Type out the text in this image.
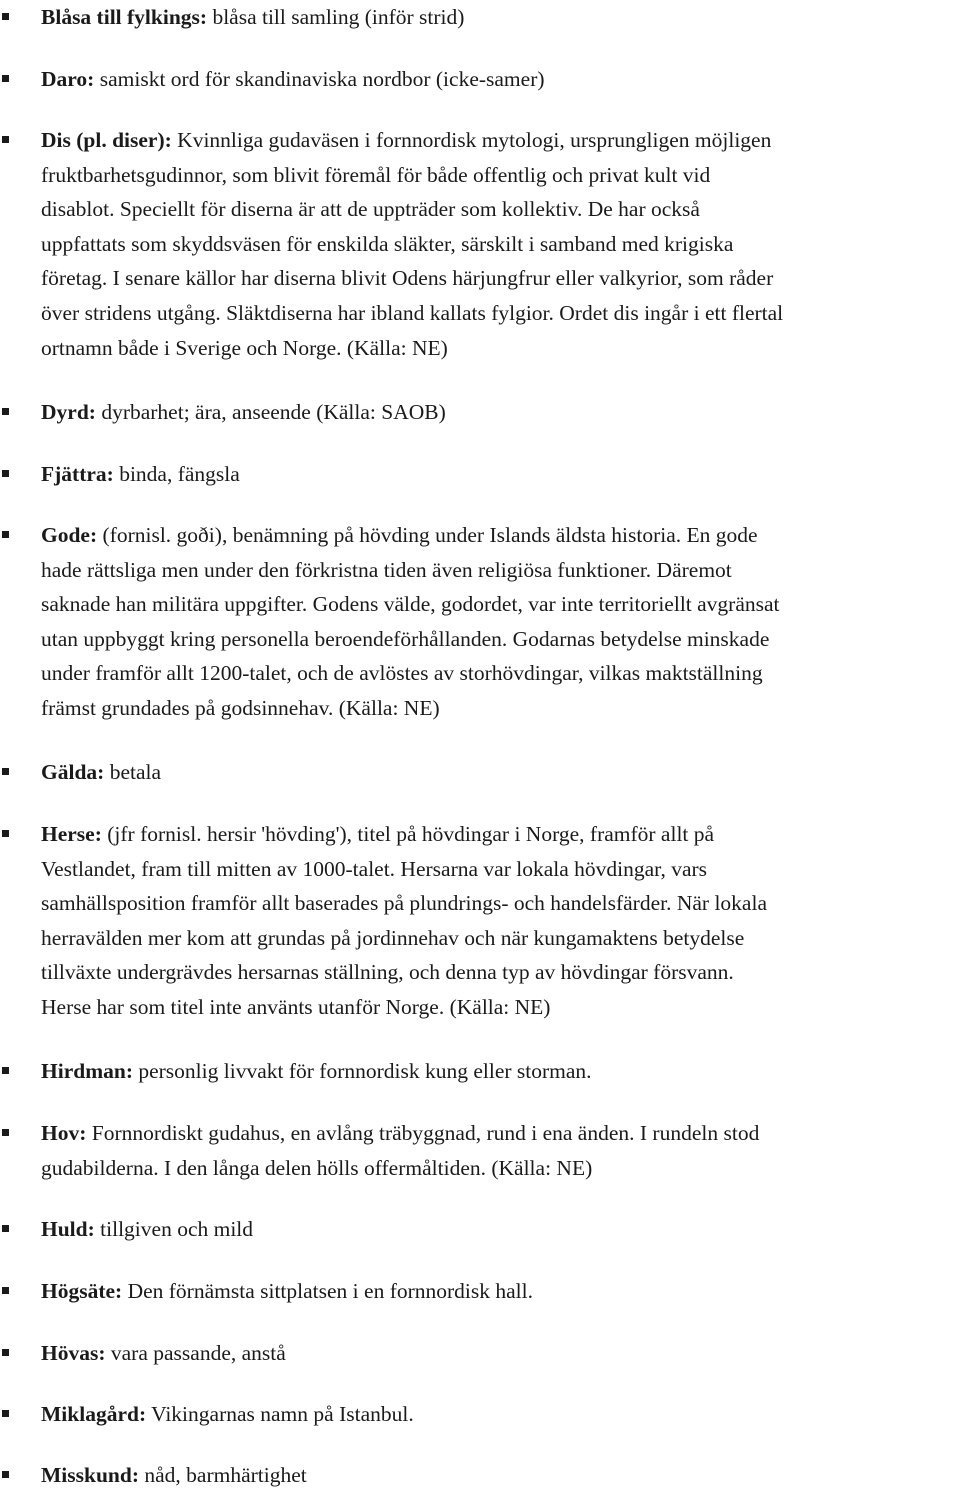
Blåsa till fylkings: blåsa till samling (inför strid)
Daro: samiskt ord för skandinaviska nordbor (icke-samer)
Dis (pl. diser): Kvinnliga gudaväsen i fornnordisk mytologi, ursprungligen möjligen
fruktbarhetsgudinnor, som blivit föremål för både offentlig och privat kult vid
disablot. Speciellt för diserna är att de uppträder som kollektiv. De har också
uppfattats som skyddsväsen för enskilda släkter, särskilt i samband med krigiska
företag. I senare källor har diserna blivit Odens härjungfrur eller valkyrior, som råder
över stridens utgång. Släktdiserna har ibland kallats fylgior. Ordet dis ingår i ett flertal
ortnamn både i Sverige och Norge. (Källa: NE)
Dyrd: dyrbarhet; ära, anseende (Källa: SAOB)
Fjättra: binda, fängsla
Gode: (fornisl. goði), benämning på hövding under Islands äldsta historia. En gode
hade rättsliga men under den förkristna tiden även religiösa funktioner. Däremot
saknade han militära uppgifter. Godens välde, godordet, var inte territoriellt avgränsat
utan uppbyggt kring personella beroendeförhållanden. Godarnas betydelse minskade
under framför allt 1200-talet, och de avlöstes av storhövdingar, vilkas maktställning
främst grundades på godsinnehav. (Källa: NE)
Gälda: betala
Herse: (jfr fornisl. hersir 'hövding'), titel på hövdingar i Norge, framför allt på
Vestlandet, fram till mitten av 1000-talet. Hersarna var lokala hövdingar, vars
samhällsposition framför allt baserades på plundrings- och handelsfärder. När lokala
herravälden mer kom att grundas på jordinnehav och när kungamaktens betydelse
tillväxte undergrävdes hersarnas ställning, och denna typ av hövdingar försvann.
Herse har som titel inte använts utanför Norge. (Källa: NE)
Hirdman: personlig livvakt för fornnordisk kung eller storman.
Hov: Fornnordiskt gudahus, en avlång träbyggnad, rund i ena änden. I rundeln stod
gudabilderna. I den långa delen hölls offermåltiden. (Källa: NE)
Huld: tillgiven och mild
Högsäte: Den förnämsta sittplatsen i en fornnordisk hall.
Hövas: vara passande, anstå
Miklagård: Vikingarnas namn på Istanbul.
Misskund: nåd, barmhärtighet
